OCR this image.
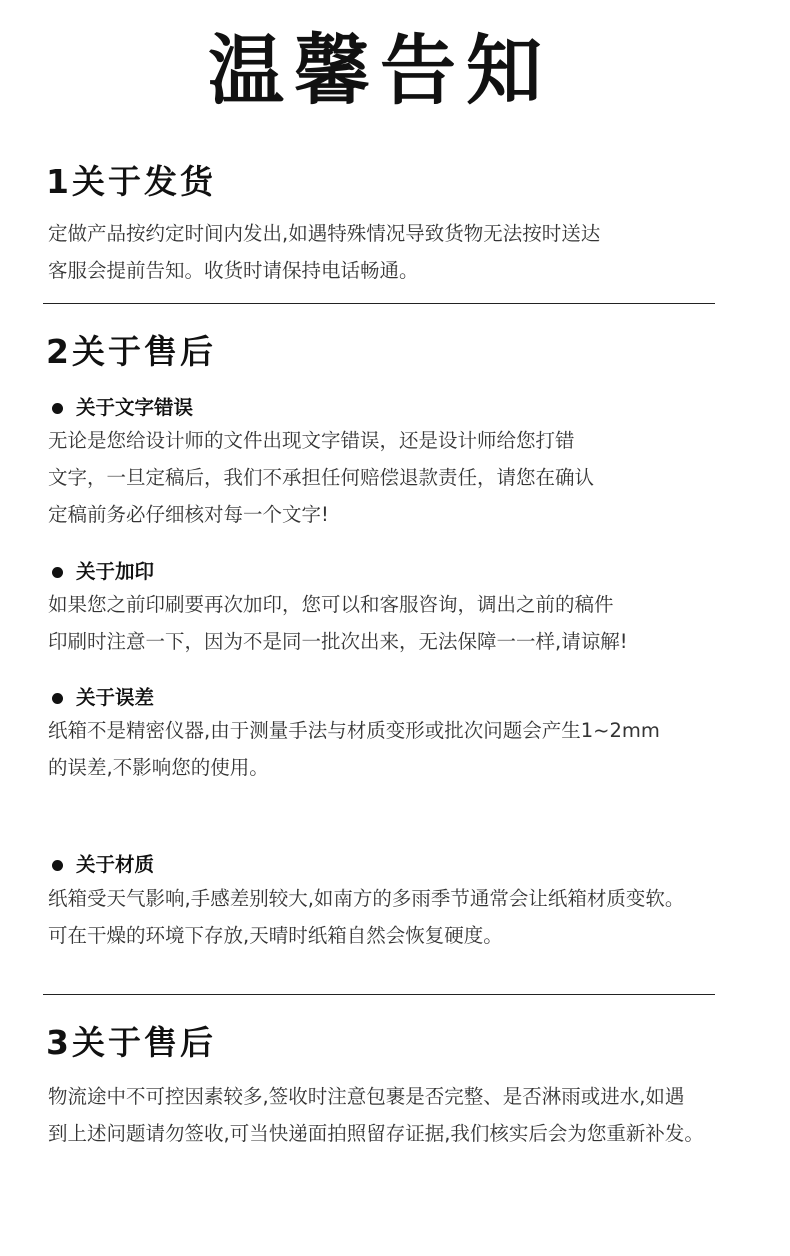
温馨告知
1关于发货

定做产品按约定时间内发出,如遇特殊情况导致货物无法按时送达
客服会提前告知。收货时请保持电话畅通。

2关于售后
关于文字错误

无论是您给设计师的文件出现文字错误，还是设计师给您打错
文字，一旦定稿后，我们不承担任何赔偿退款责任，请您在确认
定稿前务必仔细核对每一个文字!

关于加印

如果您之前印刷要再次加印，您可以和客服咨询，调出之前的稿件
印刷时注意一下，因为不是同一批次出来，无法保障一一样,请谅解!

关于误差

纸箱不是精密仪器,由于测量手法与材质变形或批次问题会产生1~2mm
的误差,不影响您的使用。

关于材质

纸箱受天气影响,手感差别较大,如南方的多雨季节通常会让纸箱材质变软。
可在干燥的环境下存放,天晴时纸箱自然会恢复硬度。

3关于售后

物流途中不可控因素较多,签收时注意包裹是否完整、是否淋雨或进水,如遇
到上述问题请勿签收,可当快递面拍照留存证据,我们核实后会为您重新补发。
